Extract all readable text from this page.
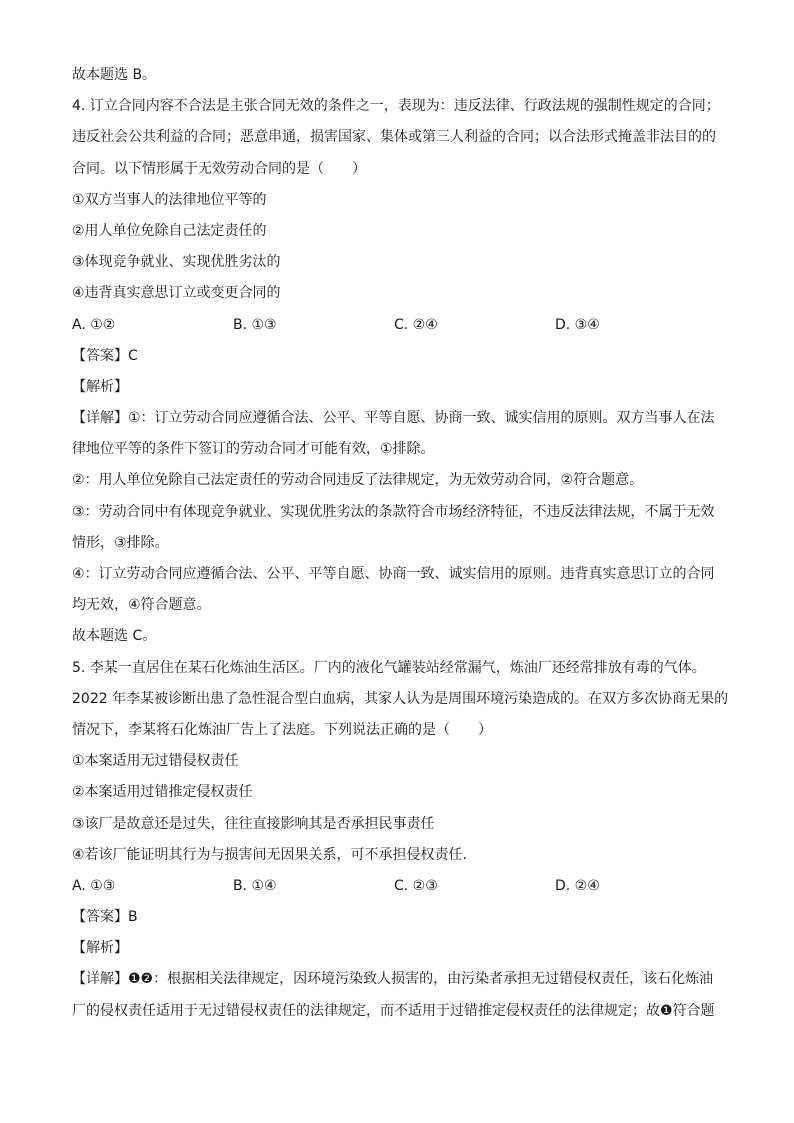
故本题选 B。
4. 订立合同内容不合法是主张合同无效的条件之一，表现为：违反法律、行政法规的强制性规定的合同；
违反社会公共利益的合同；恶意串通，损害国家、集体或第三人利益的合同；以合法形式掩盖非法目的的
合同。以下情形属于无效劳动合同的是（　　）
①双方当事人的法律地位平等的
②用人单位免除自己法定责任的
③体现竞争就业、实现优胜劣汰的
④违背真实意思订立或变更合同的
A. ①②	B. ①③	C. ②④	D. ③④
【答案】C
【解析】
【详解】①：订立劳动合同应遵循合法、公平、平等自愿、协商一致、诚实信用的原则。双方当事人在法
律地位平等的条件下签订的劳动合同才可能有效，①排除。
②：用人单位免除自己法定责任的劳动合同违反了法律规定，为无效劳动合同，②符合题意。
③：劳动合同中有体现竞争就业、实现优胜劣汰的条款符合市场经济特征，不违反法律法规，不属于无效
情形，③排除。
④：订立劳动合同应遵循合法、公平、平等自愿、协商一致、诚实信用的原则。违背真实意思订立的合同
均无效，④符合题意。
故本题选 C。
5. 李某一直居住在某石化炼油生活区。厂内的液化气罐装站经常漏气，炼油厂还经常排放有毒的气体。
2022 年李某被诊断出患了急性混合型白血病，其家人认为是周围环境污染造成的。在双方多次协商无果的
情况下，李某将石化炼油厂告上了法庭。下列说法正确的是（　　）
①本案适用无过错侵权责任
②本案适用过错推定侵权责任
③该厂是故意还是过失，往往直接影响其是否承担民事责任
④若该厂能证明其行为与损害间无因果关系，可不承担侵权责任.
A. ①③	B. ①④	C. ②③	D. ②④
【答案】B
【解析】
【详解】❶❷：根据相关法律规定，因环境污染致人损害的，由污染者承担无过错侵权责任，该石化炼油
厂的侵权责任适用于无过错侵权责任的法律规定，而不适用于过错推定侵权责任的法律规定；故❶符合题
